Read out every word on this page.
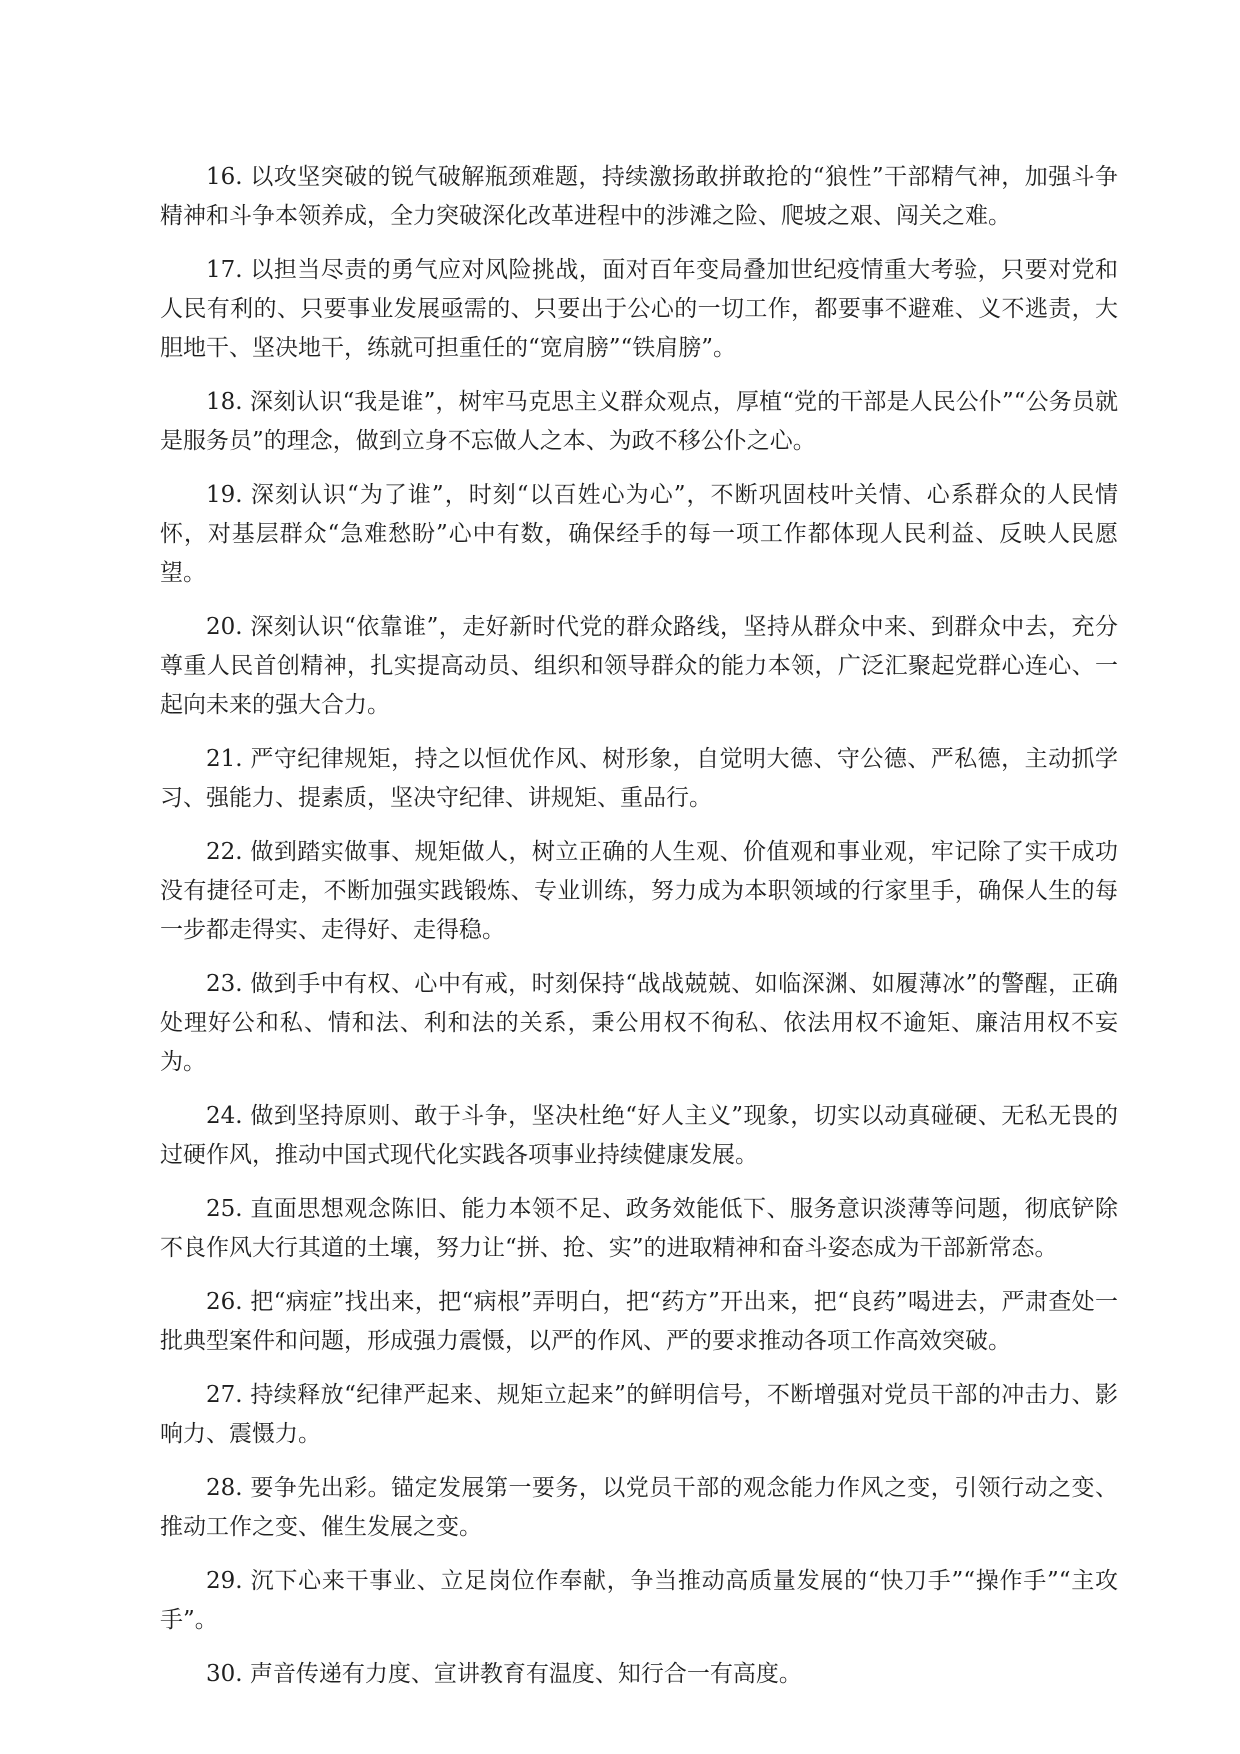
16. 以攻坚突破的锐气破解瓶颈难题，持续激扬敢拼敢抢的“狼性”干部精气神，加强斗争精神和斗争本领养成，全力突破深化改革进程中的涉滩之险、爬坡之艰、闯关之难。

17. 以担当尽责的勇气应对风险挑战，面对百年变局叠加世纪疫情重大考验，只要对党和人民有利的、只要事业发展亟需的、只要出于公心的一切工作，都要事不避难、义不逃责，大胆地干、坚决地干，练就可担重任的“宽肩膀”“铁肩膀”。

18. 深刻认识“我是谁”，树牢马克思主义群众观点，厚植“党的干部是人民公仆”“公务员就是服务员”的理念，做到立身不忘做人之本、为政不移公仆之心。

19. 深刻认识“为了谁”，时刻“以百姓心为心”，不断巩固枝叶关情、心系群众的人民情怀，对基层群众“急难愁盼”心中有数，确保经手的每一项工作都体现人民利益、反映人民愿望。

20. 深刻认识“依靠谁”，走好新时代党的群众路线，坚持从群众中来、到群众中去，充分尊重人民首创精神，扎实提高动员、组织和领导群众的能力本领，广泛汇聚起党群心连心、一起向未来的强大合力。

21. 严守纪律规矩，持之以恒优作风、树形象，自觉明大德、守公德、严私德，主动抓学习、强能力、提素质，坚决守纪律、讲规矩、重品行。

22. 做到踏实做事、规矩做人，树立正确的人生观、价值观和事业观，牢记除了实干成功没有捷径可走，不断加强实践锻炼、专业训练，努力成为本职领域的行家里手，确保人生的每一步都走得实、走得好、走得稳。

23. 做到手中有权、心中有戒，时刻保持“战战兢兢、如临深渊、如履薄冰”的警醒，正确处理好公和私、情和法、利和法的关系，秉公用权不徇私、依法用权不逾矩、廉洁用权不妄为。

24. 做到坚持原则、敢于斗争，坚决杜绝“好人主义”现象，切实以动真碰硬、无私无畏的过硬作风，推动中国式现代化实践各项事业持续健康发展。

25. 直面思想观念陈旧、能力本领不足、政务效能低下、服务意识淡薄等问题，彻底铲除不良作风大行其道的土壤，努力让“拼、抢、实”的进取精神和奋斗姿态成为干部新常态。

26. 把“病症”找出来，把“病根”弄明白，把“药方”开出来，把“良药”喝进去，严肃查处一批典型案件和问题，形成强力震慑，以严的作风、严的要求推动各项工作高效突破。

27. 持续释放“纪律严起来、规矩立起来”的鲜明信号，不断增强对党员干部的冲击力、影响力、震慑力。

28. 要争先出彩。锚定发展第一要务，以党员干部的观念能力作风之变，引领行动之变、推动工作之变、催生发展之变。

29. 沉下心来干事业、立足岗位作奉献，争当推动高质量发展的“快刀手”“操作手”“主攻手”。

30. 声音传递有力度、宣讲教育有温度、知行合一有高度。
